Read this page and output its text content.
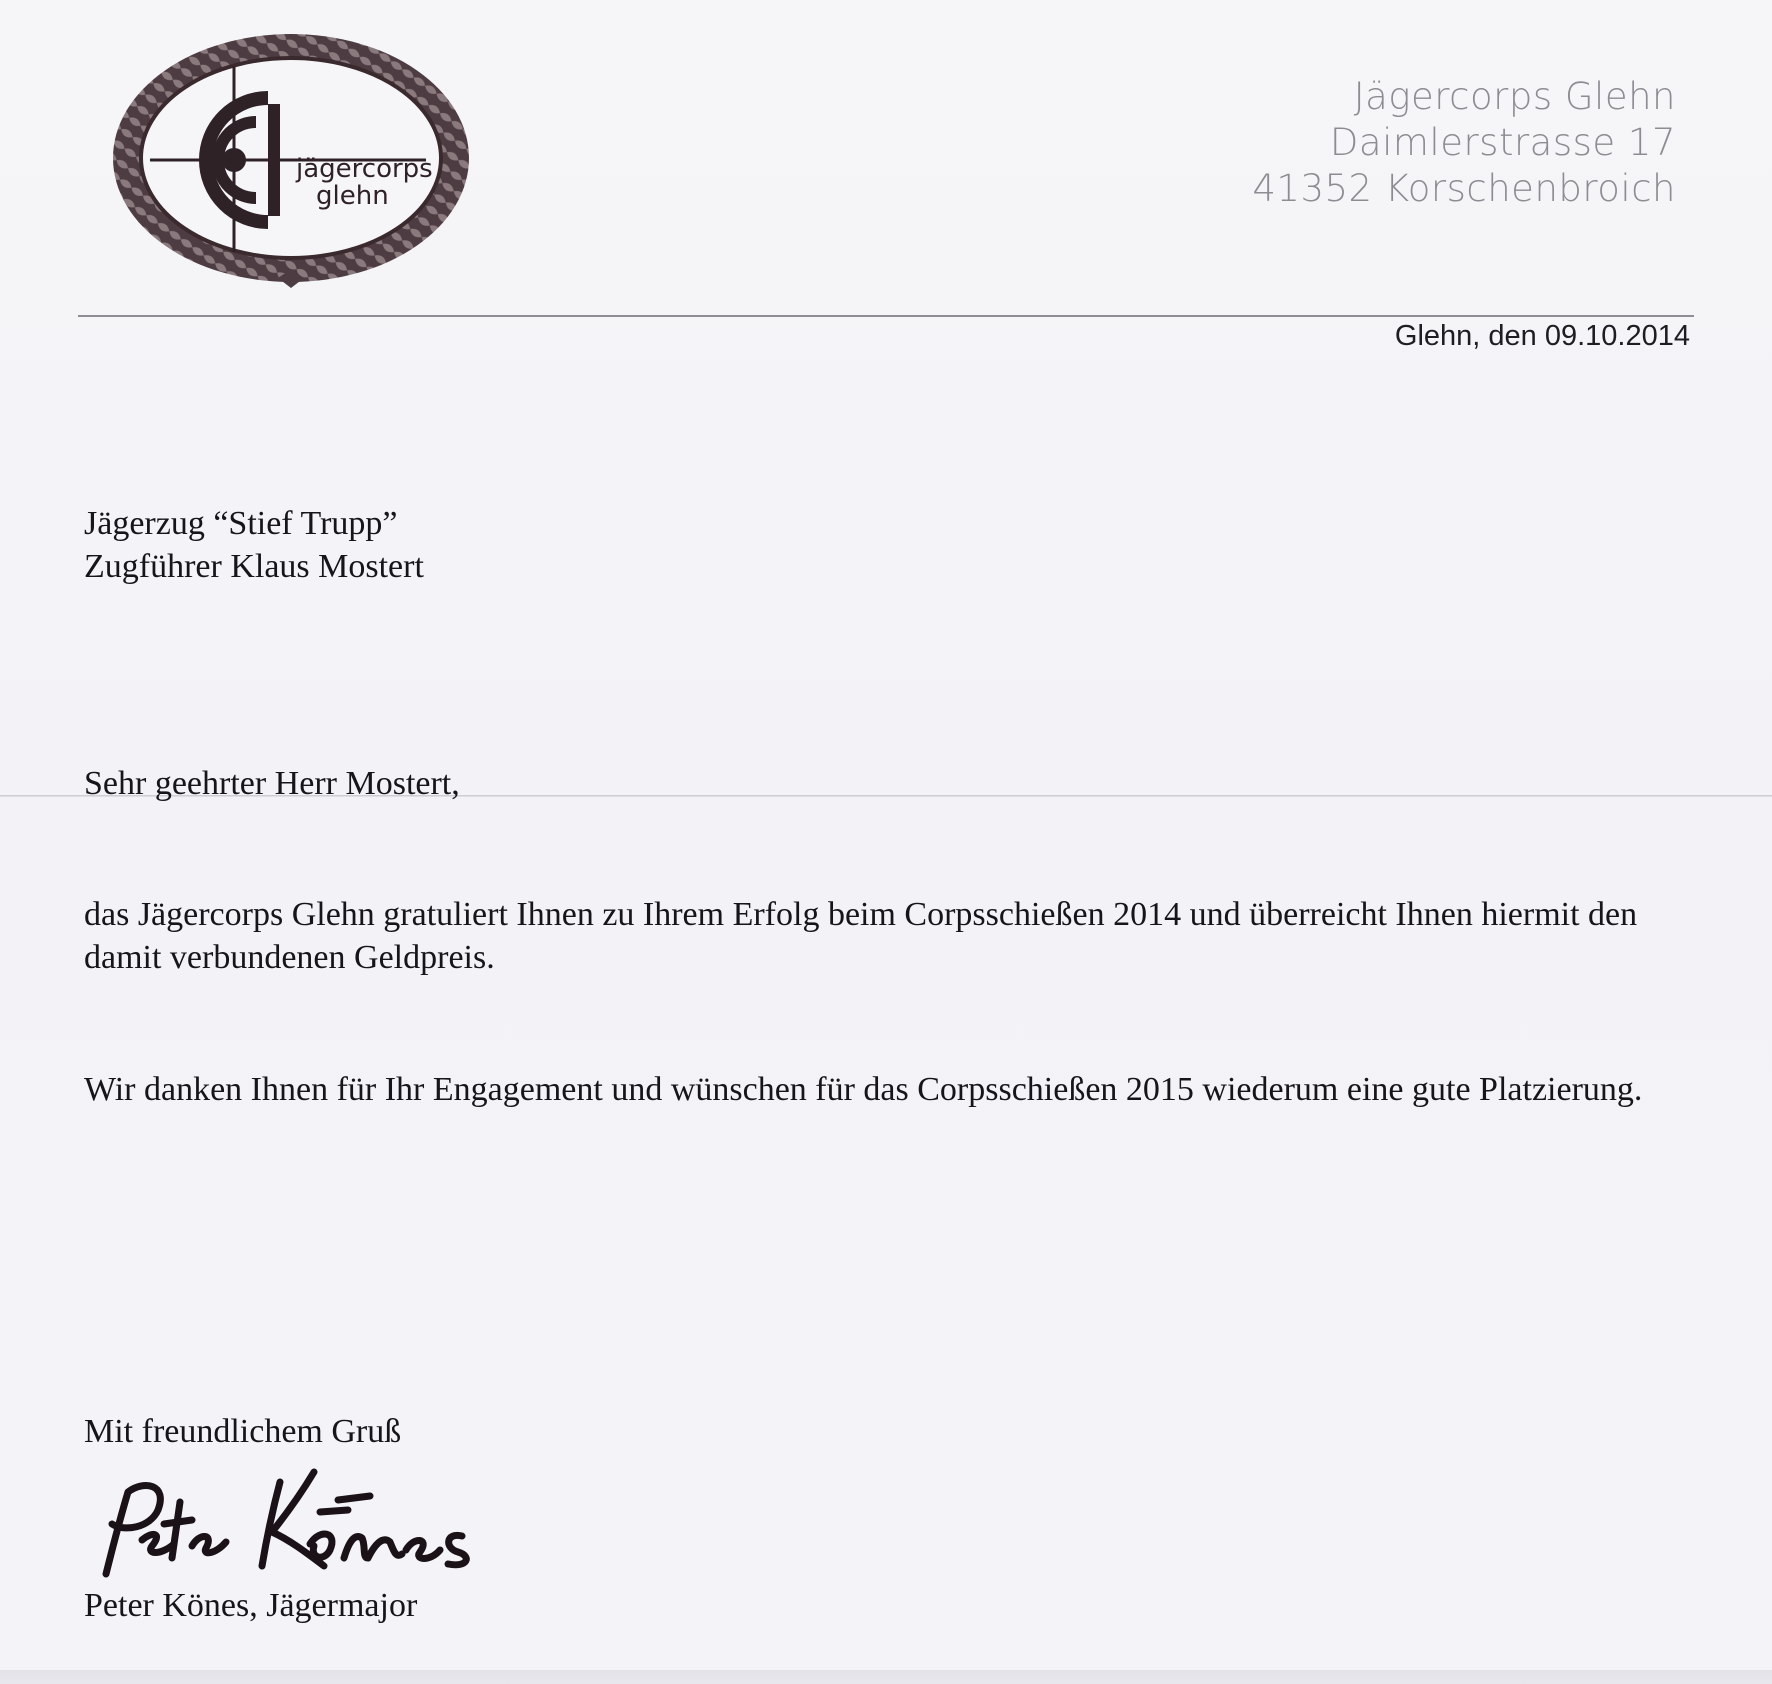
jägercorps
glehn
Jägercorps Glehn
Daimlerstrasse 17
41352 Korschenbroich
Glehn, den 09.10.2014
Jägerzug “Stief Trupp”
Zugführer Klaus Mostert
Sehr geehrter Herr Mostert,
das Jägercorps Glehn gratuliert Ihnen zu Ihrem Erfolg beim Corpsschießen 2014 und überreicht Ihnen hiermit den damit verbundenen Geldpreis.
Wir danken Ihnen für Ihr Engagement und wünschen für das Corpsschießen 2015 wiederum eine gute Platzierung.
Mit freundlichem Gruß
Peter Könes, Jägermajor
